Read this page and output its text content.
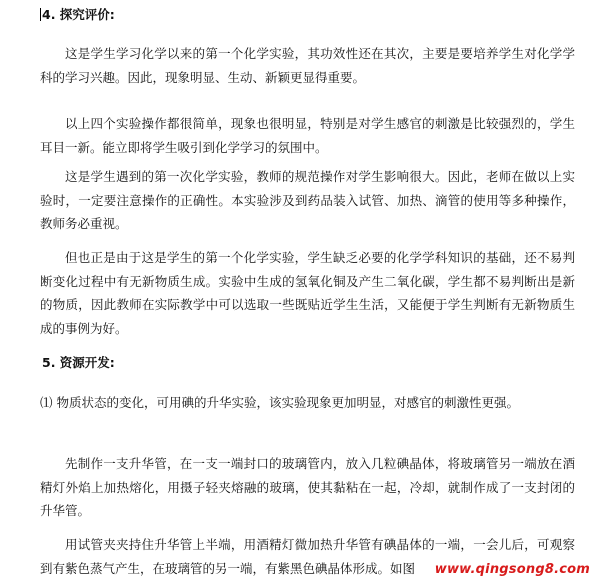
4. 探究评价:

这是学生学习化学以来的第一个化学实验，其功效性还在其次，主要是要培养学生对化学学科的学习兴趣。因此，现象明显、生动、新颖更显得重要。

以上四个实验操作都很简单，现象也很明显，特别是对学生感官的刺激是比较强烈的，学生耳目一新。能立即将学生吸引到化学学习的氛围中。

这是学生遇到的第一次化学实验，教师的规范操作对学生影响很大。因此，老师在做以上实验时，一定要注意操作的正确性。本实验涉及到药品装入试管、加热、滴管的使用等多种操作，教师务必重视。

但也正是由于这是学生的第一个化学实验，学生缺乏必要的化学学科知识的基础，还不易判断变化过程中有无新物质生成。实验中生成的氢氧化铜及产生二氧化碳，学生都不易判断出是新的物质，因此教师在实际教学中可以选取一些既贴近学生生活，又能便于学生判断有无新物质生成的事例为好。

5. 资源开发:

⑴ 物质状态的变化，可用碘的升华实验，该实验现象更加明显，对感官的刺激性更强。

先制作一支升华管，在一支一端封口的玻璃管内，放入几粒碘晶体，将玻璃管另一端放在酒精灯外焰上加热熔化，用摄子轻夹熔融的玻璃，使其黏粘在一起，冷却，就制作成了一支封闭的升华管。

用试管夹夹持住升华管上半端，用酒精灯微加热升华管有碘晶体的一端，一会儿后，可观察到有紫色蒸气产生，在玻璃管的另一端，有紫黑色碘晶体形成。如图	www.qingsong8.com
